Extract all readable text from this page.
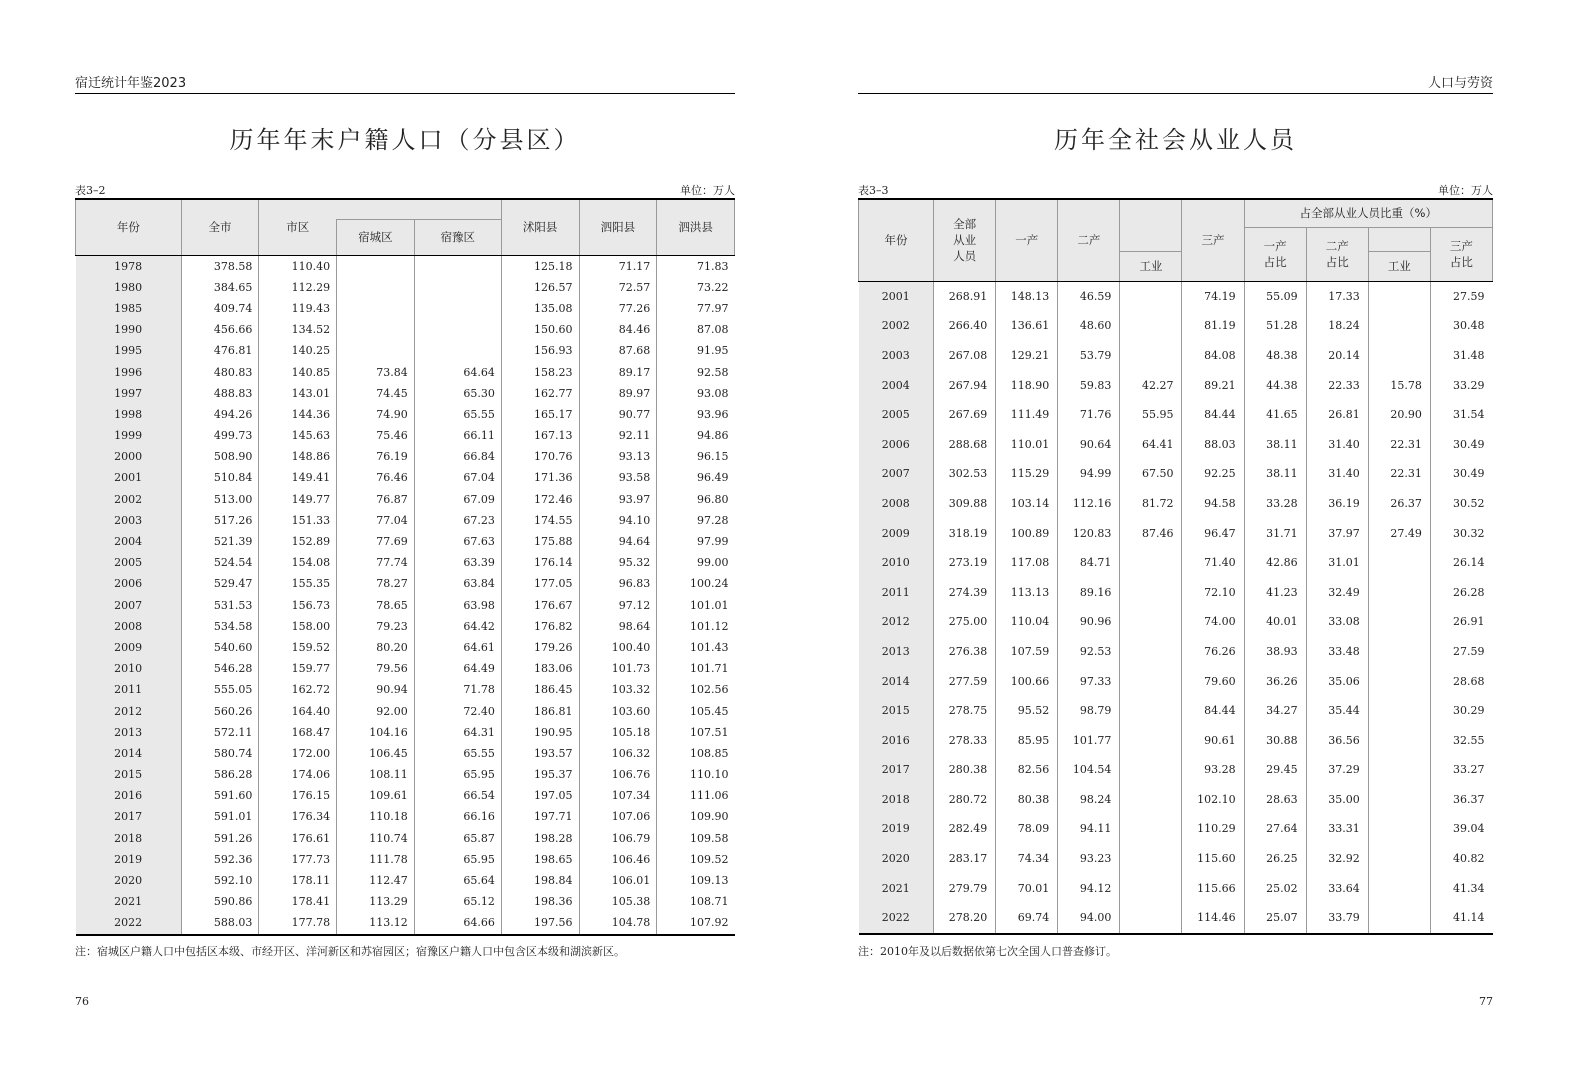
宿迁统计年鉴2023
历年年末户籍人口（分县区）
表3–2	单位：万人
年份	全市	市区			沭阳县	泗阳县	泗洪县
			宿城区	宿豫区			
1978	378.58	110.40			125.18	71.17	71.83
1980	384.65	112.29			126.57	72.57	73.22
1985	409.74	119.43			135.08	77.26	77.97
1990	456.66	134.52			150.60	84.46	87.08
1995	476.81	140.25			156.93	87.68	91.95
1996	480.83	140.85	73.84	64.64	158.23	89.17	92.58
1997	488.83	143.01	74.45	65.30	162.77	89.97	93.08
1998	494.26	144.36	74.90	65.55	165.17	90.77	93.96
1999	499.73	145.63	75.46	66.11	167.13	92.11	94.86
2000	508.90	148.86	76.19	66.84	170.76	93.13	96.15
2001	510.84	149.41	76.46	67.04	171.36	93.58	96.49
2002	513.00	149.77	76.87	67.09	172.46	93.97	96.80
2003	517.26	151.33	77.04	67.23	174.55	94.10	97.28
2004	521.39	152.89	77.69	67.63	175.88	94.64	97.99
2005	524.54	154.08	77.74	63.39	176.14	95.32	99.00
2006	529.47	155.35	78.27	63.84	177.05	96.83	100.24
2007	531.53	156.73	78.65	63.98	176.67	97.12	101.01
2008	534.58	158.00	79.23	64.42	176.82	98.64	101.12
2009	540.60	159.52	80.20	64.61	179.26	100.40	101.43
2010	546.28	159.77	79.56	64.49	183.06	101.73	101.71
2011	555.05	162.72	90.94	71.78	186.45	103.32	102.56
2012	560.26	164.40	92.00	72.40	186.81	103.60	105.45
2013	572.11	168.47	104.16	64.31	190.95	105.18	107.51
2014	580.74	172.00	106.45	65.55	193.57	106.32	108.85
2015	586.28	174.06	108.11	65.95	195.37	106.76	110.10
2016	591.60	176.15	109.61	66.54	197.05	107.34	111.06
2017	591.01	176.34	110.18	66.16	197.71	107.06	109.90
2018	591.26	176.61	110.74	65.87	198.28	106.79	109.58
2019	592.36	177.73	111.78	65.95	198.65	106.46	109.52
2020	592.10	178.11	112.47	65.64	198.84	106.01	109.13
2021	590.86	178.41	113.29	65.12	198.36	105.38	108.71
2022	588.03	177.78	113.12	64.66	197.56	104.78	107.92
注：宿城区户籍人口中包括区本级、市经开区、洋河新区和苏宿园区；宿豫区户籍人口中包含区本级和湖滨新区。
76
人口与劳资
历年全社会从业人员
表3–3	单位：万人
年份	全部
从业
人员	一产	二产		三产	占全部从业人员比重（%）			
						一产
占比	二产
占比		三产
占比
				工业				工业	
2001	268.91	148.13	46.59		74.19	55.09	17.33		27.59
2002	266.40	136.61	48.60		81.19	51.28	18.24		30.48
2003	267.08	129.21	53.79		84.08	48.38	20.14		31.48
2004	267.94	118.90	59.83	42.27	89.21	44.38	22.33	15.78	33.29
2005	267.69	111.49	71.76	55.95	84.44	41.65	26.81	20.90	31.54
2006	288.68	110.01	90.64	64.41	88.03	38.11	31.40	22.31	30.49
2007	302.53	115.29	94.99	67.50	92.25	38.11	31.40	22.31	30.49
2008	309.88	103.14	112.16	81.72	94.58	33.28	36.19	26.37	30.52
2009	318.19	100.89	120.83	87.46	96.47	31.71	37.97	27.49	30.32
2010	273.19	117.08	84.71		71.40	42.86	31.01		26.14
2011	274.39	113.13	89.16		72.10	41.23	32.49		26.28
2012	275.00	110.04	90.96		74.00	40.01	33.08		26.91
2013	276.38	107.59	92.53		76.26	38.93	33.48		27.59
2014	277.59	100.66	97.33		79.60	36.26	35.06		28.68
2015	278.75	95.52	98.79		84.44	34.27	35.44		30.29
2016	278.33	85.95	101.77		90.61	30.88	36.56		32.55
2017	280.38	82.56	104.54		93.28	29.45	37.29		33.27
2018	280.72	80.38	98.24		102.10	28.63	35.00		36.37
2019	282.49	78.09	94.11		110.29	27.64	33.31		39.04
2020	283.17	74.34	93.23		115.60	26.25	32.92		40.82
2021	279.79	70.01	94.12		115.66	25.02	33.64		41.34
2022	278.20	69.74	94.00		114.46	25.07	33.79		41.14
注：2010年及以后数据依第七次全国人口普查修订。
77
